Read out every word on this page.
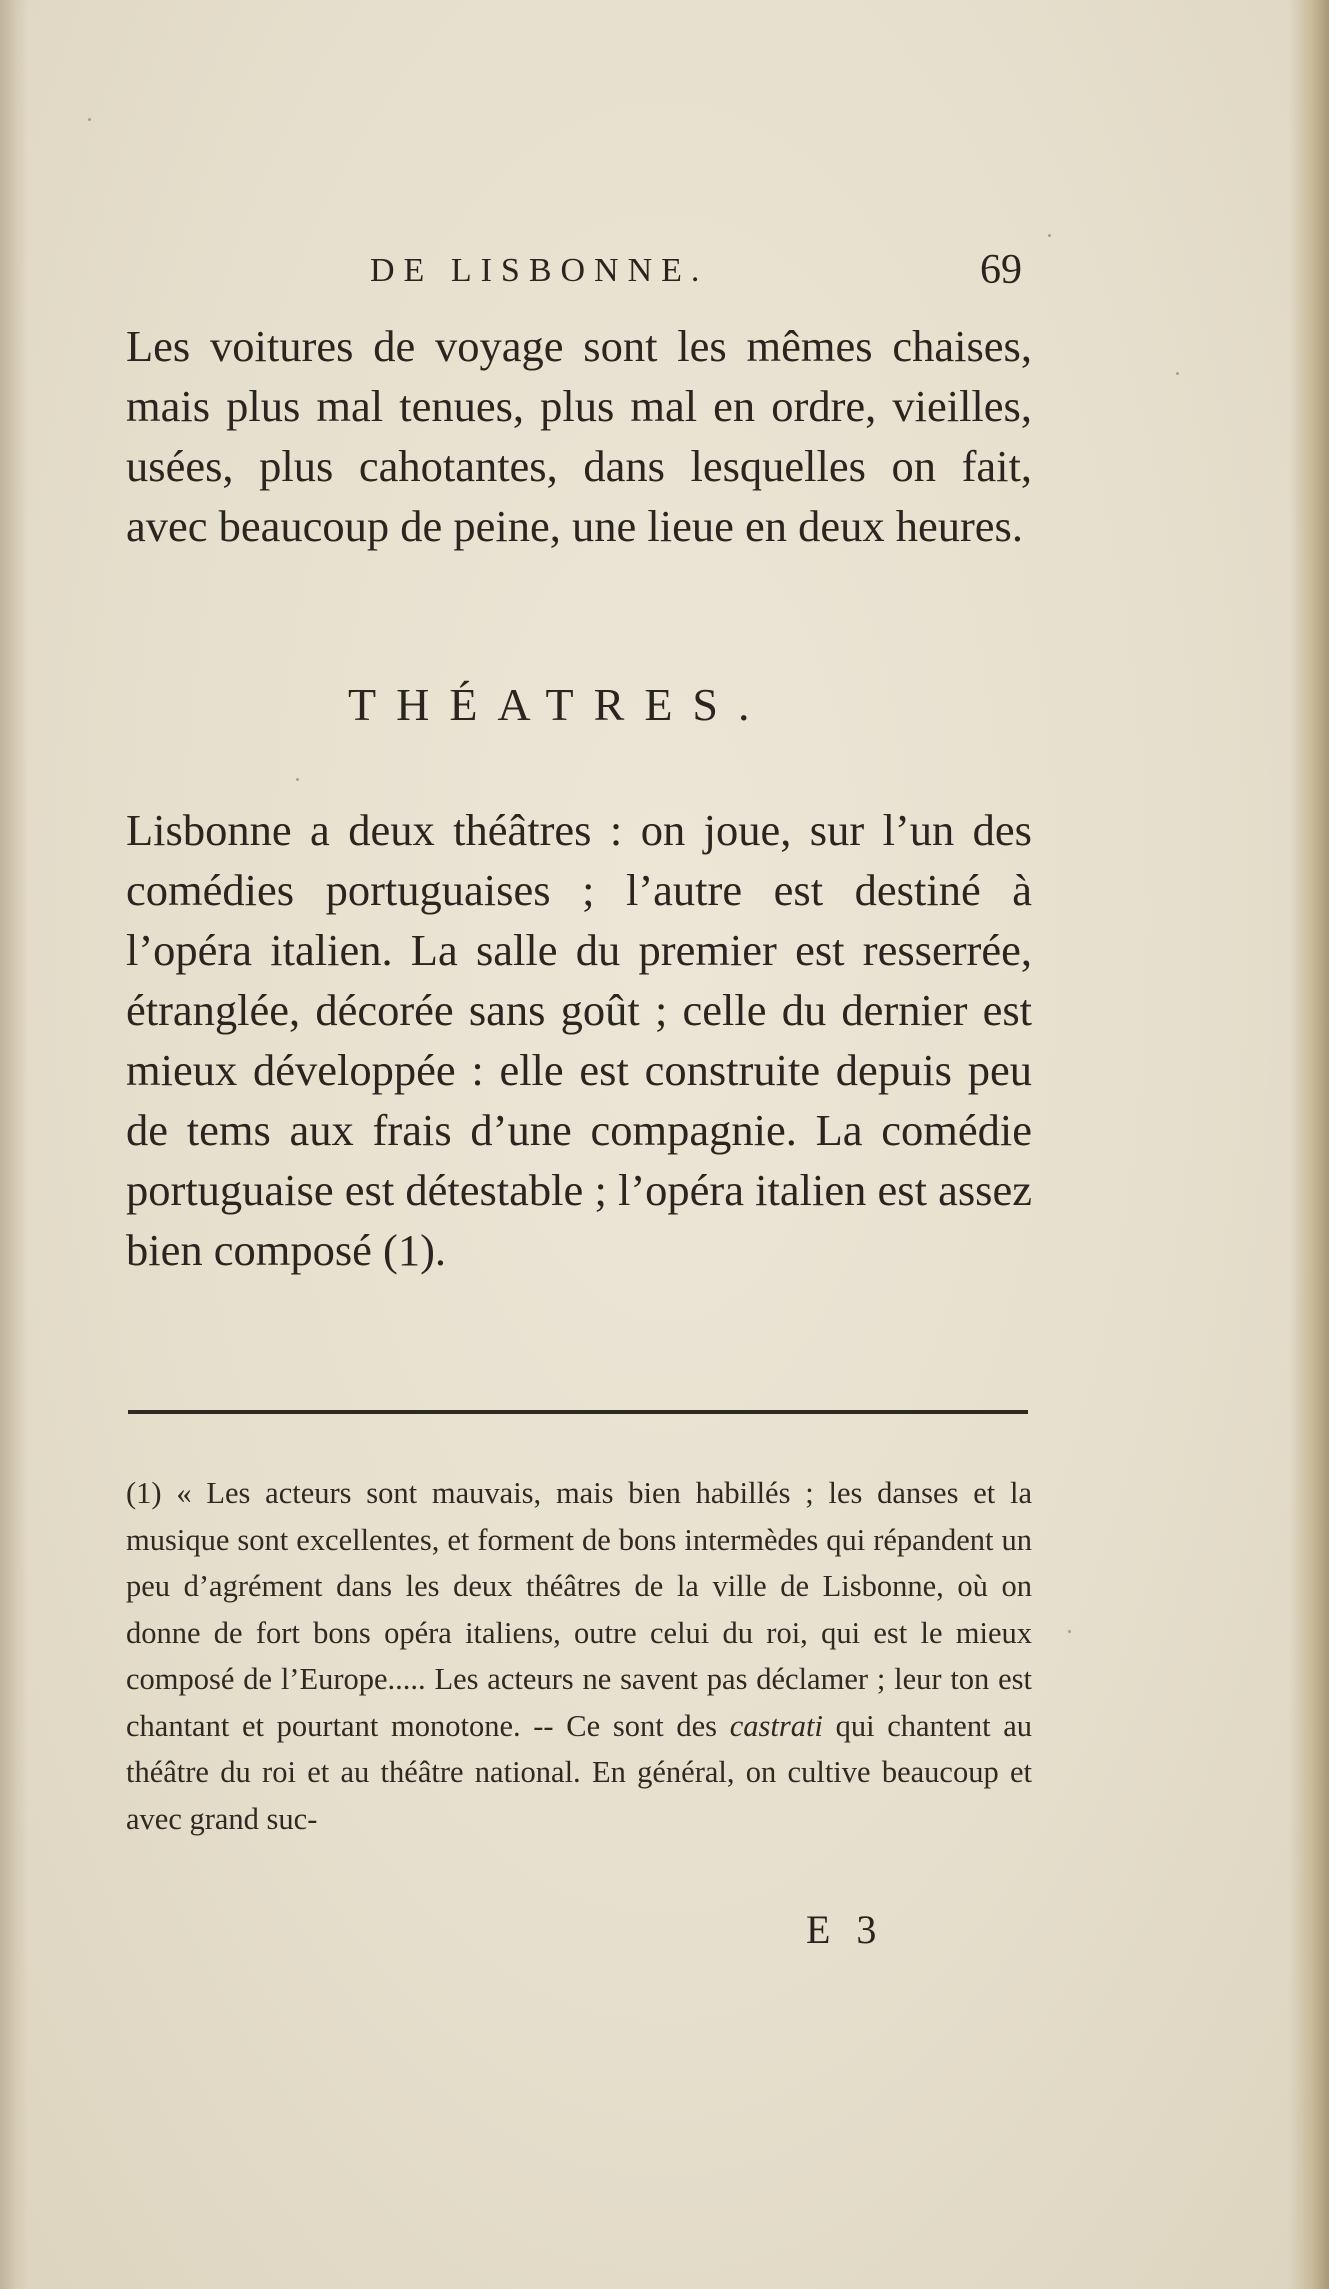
DE LISBONNE.	69
Les voitures de voyage sont les mêmes chaises, mais plus mal tenues, plus mal en ordre, vieilles, usées, plus cahotantes, dans lesquelles on fait, avec beaucoup de peine, une lieue en deux heures.
THÉATRES.
Lisbonne a deux théâtres : on joue, sur l’un des comédies portuguaises ; l’autre est destiné à l’opéra italien. La salle du premier est resserrée, étranglée, décorée sans goût ; celle du dernier est mieux développée : elle est construite depuis peu de tems aux frais d’une compagnie. La comédie portuguaise est détestable ; l’opéra italien est assez bien composé (1).
(1) « Les acteurs sont mauvais, mais bien habillés ; les danses et la musique sont excellentes, et forment de bons intermèdes qui répandent un peu d’agrément dans les deux théâtres de la ville de Lisbonne, où on donne de fort bons opéra italiens, outre celui du roi, qui est le mieux composé de l’Europe..... Les acteurs ne savent pas déclamer ; leur ton est chantant et pourtant monotone. -- Ce sont des castrati qui chantent au théâtre du roi et au théâtre national. En général, on cultive beaucoup et avec grand suc-
E 3
